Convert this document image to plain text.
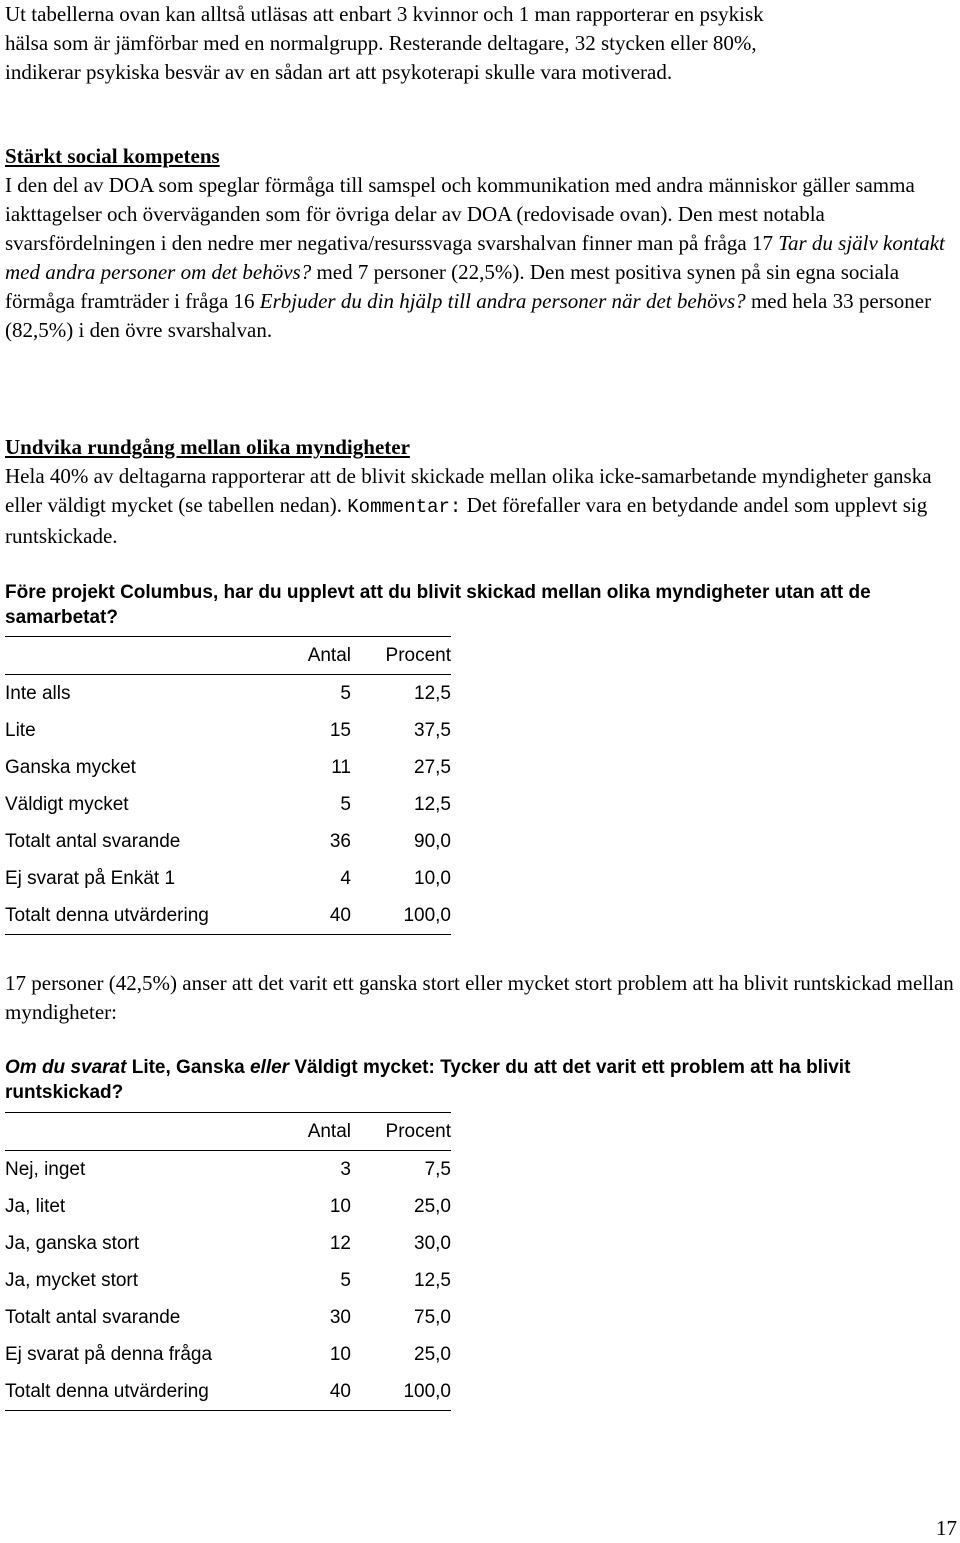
Ut tabellerna ovan kan alltså utläsas att enbart 3 kvinnor och 1 man rapporterar en psykisk

hälsa som är jämförbar med en normalgrupp. Resterande deltagare, 32 stycken eller 80%,

indikerar psykiska besvär av en sådan art att psykoterapi skulle vara motiverad.

Stärkt social kompetens

I den del av DOA som speglar förmåga till samspel och kommunikation med andra människor gäller samma iakttagelser och överväganden som för övriga delar av DOA (redovisade ovan). Den mest notabla svarsfördelningen i den nedre mer negativa/resurssvaga svarshalvan finner man på fråga 17 Tar du själv kontakt med andra personer om det behövs? med 7 personer (22,5%). Den mest positiva synen på sin egna sociala förmåga framträder i fråga 16 Erbjuder du din hjälp till andra personer när det behövs? med hela 33 personer (82,5%) i den övre svarshalvan.

Undvika rundgång mellan olika myndigheter

Hela 40% av deltagarna rapporterar att de blivit skickade mellan olika icke-samarbetande myndigheter ganska eller väldigt mycket (se tabellen nedan). Kommentar: Det förefaller vara en betydande andel som upplevt sig runtskickade.

Före projekt Columbus, har du upplevt att du blivit skickad mellan olika myndigheter utan att de samarbetat?
	Antal	Procent
Inte alls	5	12,5
Lite	15	37,5
Ganska mycket	11	27,5
Väldigt mycket	5	12,5
Totalt antal svarande	36	90,0
Ej svarat på Enkät 1	4	10,0
Totalt denna utvärdering	40	100,0
17 personer (42,5%) anser att det varit ett ganska stort eller mycket stort problem att ha blivit runtskickad mellan myndigheter:
Om du svarat Lite, Ganska eller Väldigt mycket: Tycker du att det varit ett problem att ha blivit runtskickad?
	Antal	Procent
Nej, inget	3	7,5
Ja, litet	10	25,0
Ja, ganska stort	12	30,0
Ja, mycket stort	5	12,5
Totalt antal svarande	30	75,0
Ej svarat på denna fråga	10	25,0
Totalt denna utvärdering	40	100,0
17
